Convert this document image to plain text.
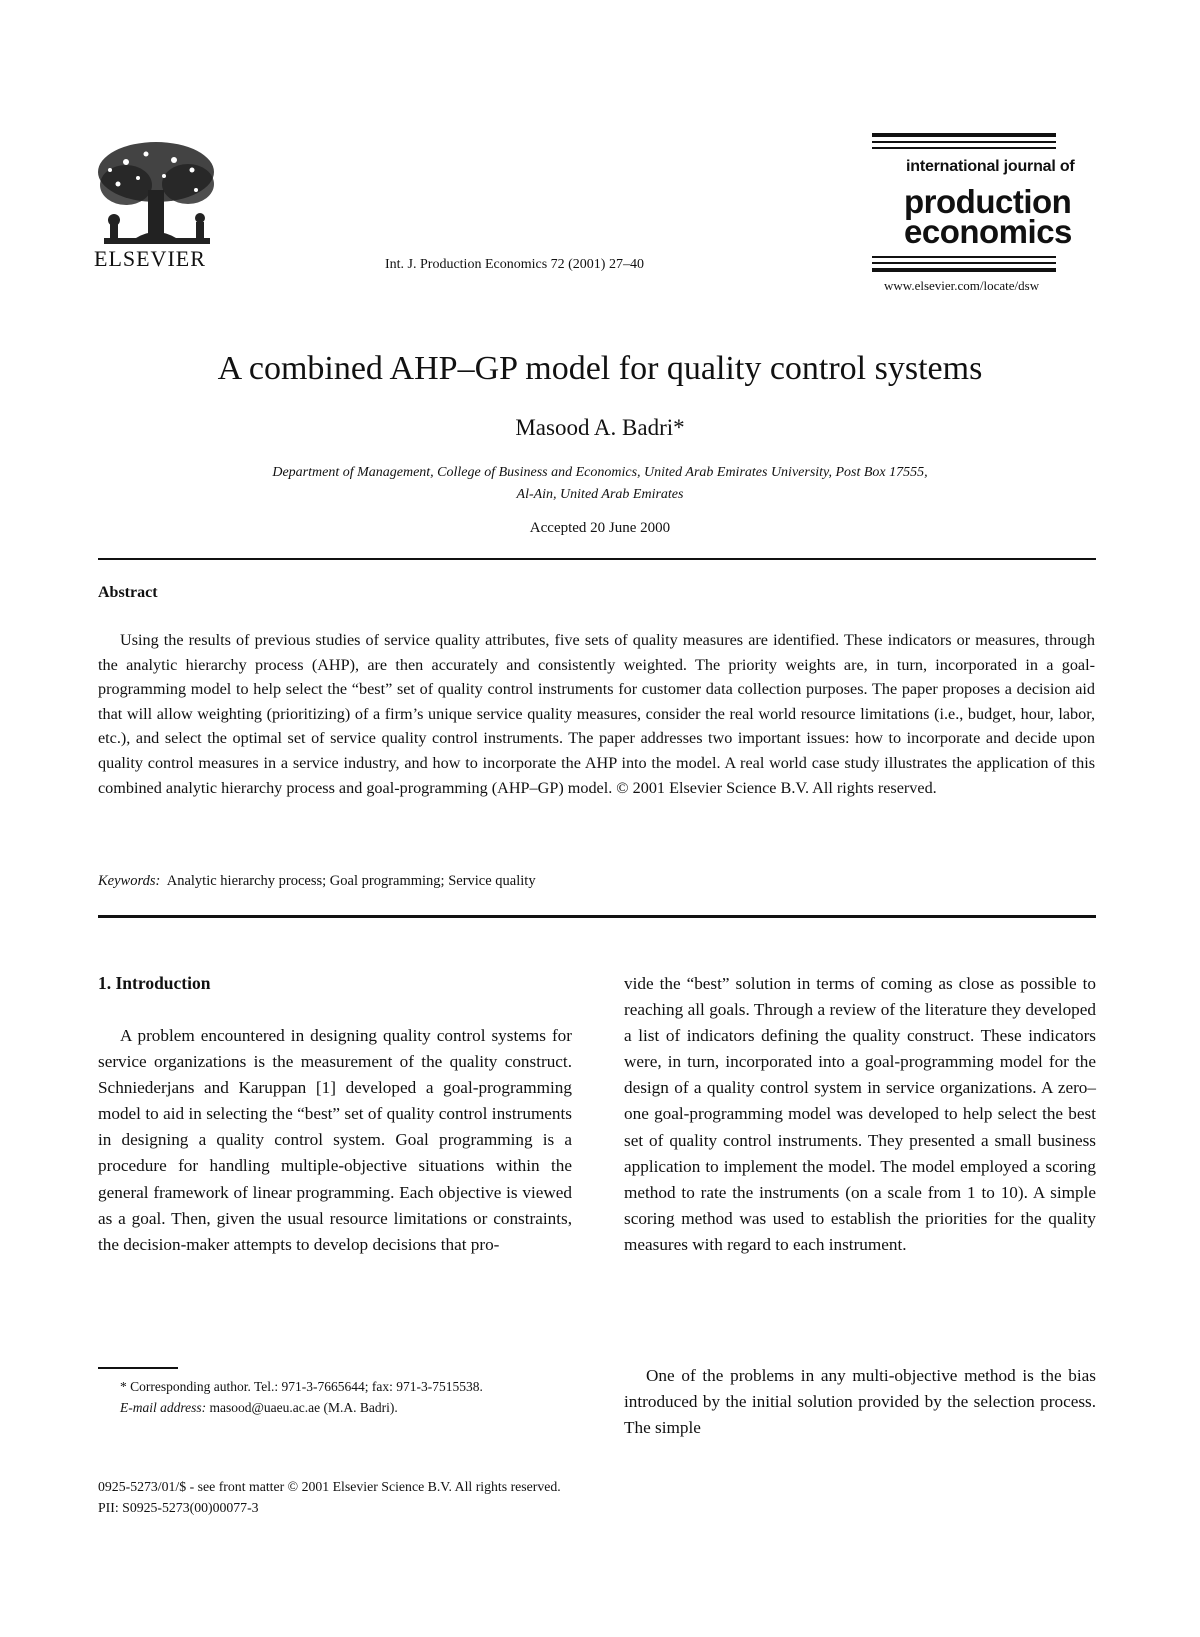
ELSEVIER	Int. J. Production Economics 72 (2001) 27–40
international journal of
production
economics
www.elsevier.com/locate/dsw
A combined AHP–GP model for quality control systems
Masood A. Badri*
Department of Management, College of Business and Economics, United Arab Emirates University, Post Box 17555,
Al-Ain, United Arab Emirates
Accepted 20 June 2000
Abstract
Using the results of previous studies of service quality attributes, five sets of quality measures are identified. These indicators or measures, through the analytic hierarchy process (AHP), are then accurately and consistently weighted. The priority weights are, in turn, incorporated in a goal-programming model to help select the “best” set of quality control instruments for customer data collection purposes. The paper proposes a decision aid that will allow weighting (prioritizing) of a firm’s unique service quality measures, consider the real world resource limitations (i.e., budget, hour, labor, etc.), and select the optimal set of service quality control instruments. The paper addresses two important issues: how to incorporate and decide upon quality control measures in a service industry, and how to incorporate the AHP into the model. A real world case study illustrates the application of this combined analytic hierarchy process and goal-programming (AHP–GP) model. © 2001 Elsevier Science B.V. All rights reserved.
Keywords: Analytic hierarchy process; Goal programming; Service quality
1. Introduction
A problem encountered in designing quality control systems for service organizations is the measurement of the quality construct. Schniederjans and Karuppan [1] developed a goal-programming model to aid in selecting the “best” set of quality control instruments in designing a quality control system. Goal programming is a procedure for handling multiple-objective situations within the general framework of linear programming. Each objective is viewed as a goal. Then, given the usual resource limitations or constraints, the decision-maker attempts to develop decisions that pro-
vide the “best” solution in terms of coming as close as possible to reaching all goals. Through a review of the literature they developed a list of indicators defining the quality construct. These indicators were, in turn, incorporated into a goal-programming model for the design of a quality control system in service organizations. A zero–one goal-programming model was developed to help select the best set of quality control instruments. They presented a small business application to implement the model. The model employed a scoring method to rate the instruments (on a scale from 1 to 10). A simple scoring method was used to establish the priorities for the quality measures with regard to each instrument.
One of the problems in any multi-objective method is the bias introduced by the initial solution provided by the selection process. The simple
* Corresponding author. Tel.: 971-3-7665644; fax: 971-3-7515538.
E-mail address: masood@uaeu.ac.ae (M.A. Badri).
0925-5273/01/$ - see front matter © 2001 Elsevier Science B.V. All rights reserved.
PII: S0925-5273(00)00077-3
